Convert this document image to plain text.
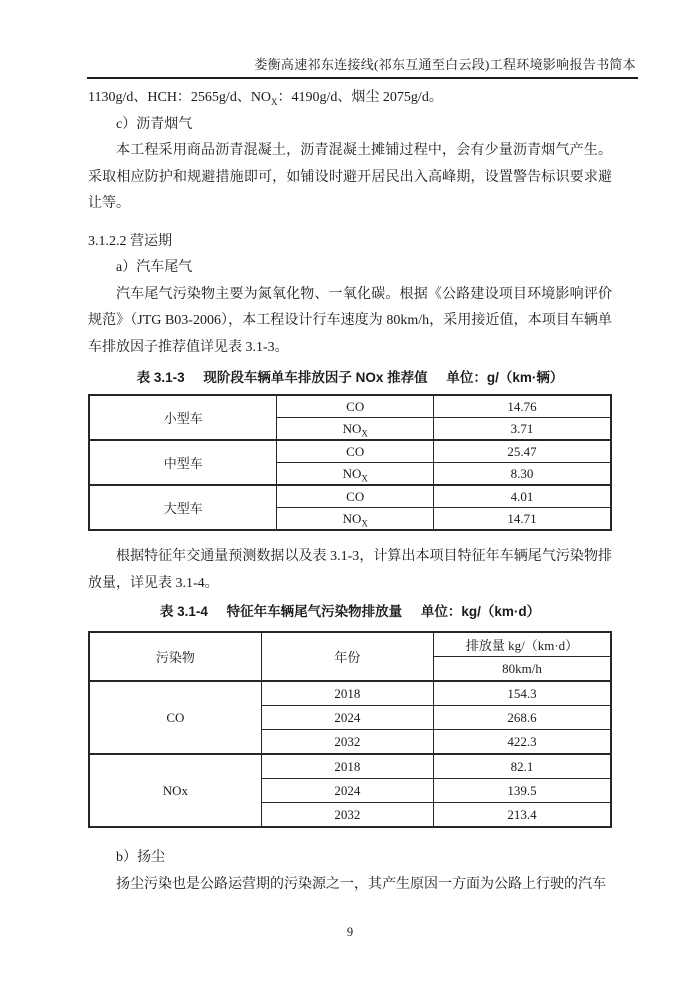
娄衡高速祁东连接线(祁东互通至白云段)工程环境影响报告书简本

1130g/d、HCH：2565g/d、$NO_X$：4190g/d、烟尘 2075g/d。

c）沥青烟气

本工程采用商品沥青混凝土，沥青混凝土摊铺过程中，会有少量沥青烟气产生。采取相应防护和规避措施即可，如铺设时避开居民出入高峰期，设置警告标识要求避让等。

3.1.2.2 营运期

a）汽车尾气

汽车尾气污染物主要为氮氧化物、一氧化碳。根据《公路建设项目环境影响评价规范》（JTG B03-2006），本工程设计行车速度为 80km/h，采用接近值，本项目车辆单车排放因子推荐值详见表 3.1-3。

表 3.1-3 现阶段车辆单车排放因子 NOx 推荐值 单位：g/（km·辆）
小型车	CO	14.76
	$NO_X$	3.71
中型车	CO	25.47
	$NO_X$	8.30
大型车	CO	4.01
	$NO_X$	14.71

根据特征年交通量预测数据以及表 3.1-3，计算出本项目特征年车辆尾气污染物排放量，详见表 3.1-4。

表 3.1-4 特征年车辆尾气污染物排放量 单位：kg/（km·d）
污染物	年份	排放量 kg/（km·d）
		80km/h
CO	2018	154.3
	2024	268.6
	2032	422.3
NOx	2018	82.1
	2024	139.5
	2032	213.4

b）扬尘

扬尘污染也是公路运营期的污染源之一，其产生原因一方面为公路上行驶的汽车

9
